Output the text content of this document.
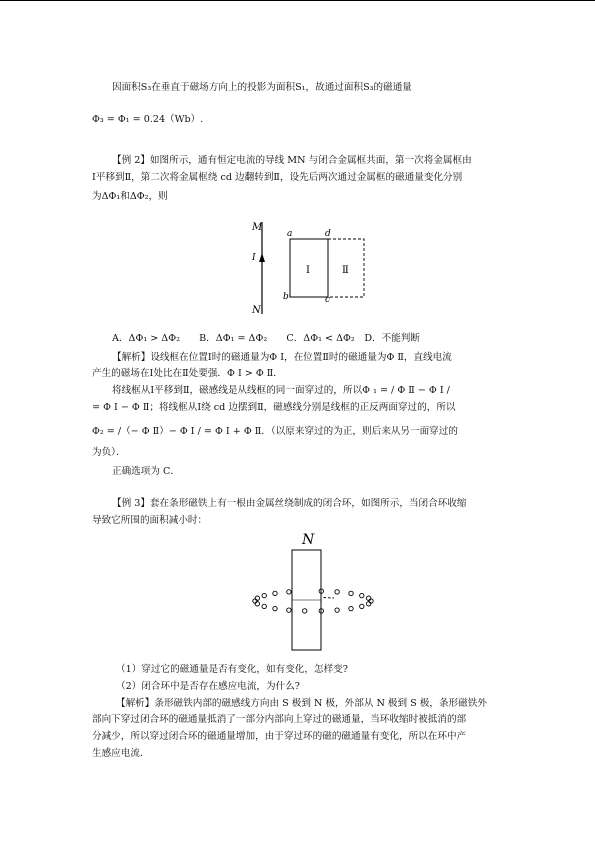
因面积S₃在垂直于磁场方向上的投影为面积S₁，故通过面积S₃的磁通量
Φ₃ = Φ₁ = 0.24（Wb）.
【例 2】如图所示，通有恒定电流的导线 MN 与闭合金属框共面，第一次将金属框由
Ⅰ平移到Ⅱ，第二次将金属框绕 cd 边翻转到Ⅱ，设先后两次通过金属框的磁通量变化分别
为ΔΦ₁和ΔΦ₂，则
M
I
N
a	d
b	c
Ⅰ	Ⅱ
A．ΔΦ₁ > ΔΦ₂　　B．ΔΦ₁ = ΔΦ₂　　C．ΔΦ₁ < ΔΦ₂　D．不能判断
【解析】设线框在位置Ⅰ时的磁通量为Φ Ⅰ，在位置Ⅱ时的磁通量为Φ Ⅱ，直线电流
产生的磁场在Ⅰ处比在Ⅱ处要强．Φ Ⅰ > Φ Ⅱ．
将线框从Ⅰ平移到Ⅱ，磁感线是从线框的同一面穿过的，所以Φ ₁ = / Φ Ⅱ − Φ Ⅰ /
= Φ Ⅰ − Φ Ⅱ；将线框从Ⅰ绕 cd 边摆到Ⅱ，磁感线分别是线框的正反两面穿过的，所以
Φ₂ = /（− Φ Ⅱ）− Φ Ⅰ / = Φ Ⅰ + Φ Ⅱ．（以原来穿过的为正，则后来从另一面穿过的
为负）．
正确选项为 C．
【例 3】套在条形磁铁上有一根由金属丝绕制成的闭合环，如图所示，当闭合环收缩
导致它所围的面积减小时：
N
（1）穿过它的磁通量是否有变化，如有变化，怎样变?
（2）闭合环中是否存在感应电流，为什么?
【解析】条形磁铁内部的磁感线方向由 S 极到 N 极，外部从 N 极到 S 极，条形磁铁外
部向下穿过闭合环的磁通量抵消了一部分内部向上穿过的磁通量，当环收缩时被抵消的部
分减少，所以穿过闭合环的磁通量增加，由于穿过环的磁的磁通量有变化，所以在环中产
生感应电流．
